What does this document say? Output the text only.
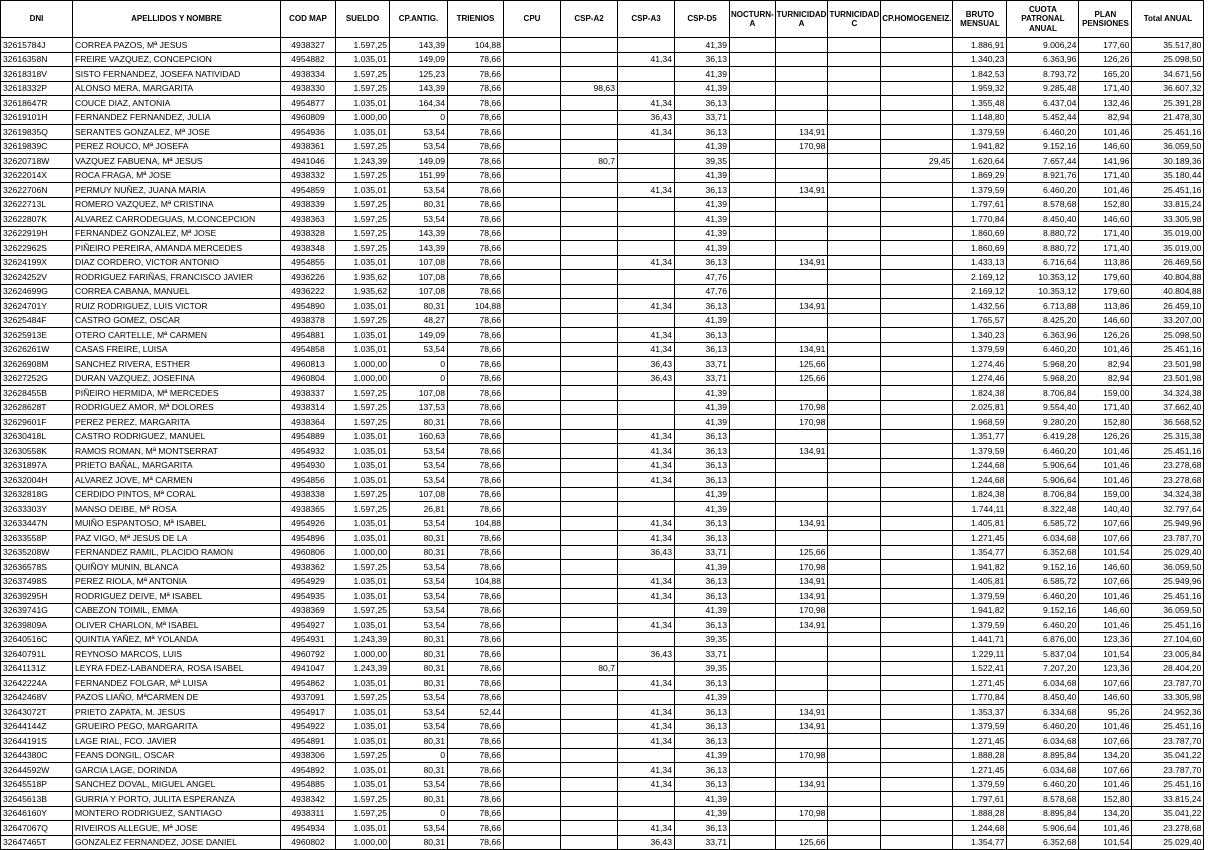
DNI	APELLIDOS Y NOMBRE	COD MAP	SUELDO	CP.ANTIG.	TRIENIOS	CPU	CSP-A2	CSP-A3	CSP-D5	NOCTURN-A	TURNICIDAD A	TURNICIDAD C	CP.HOMOGENEIZ.	BRUTO MENSUAL	CUOTA PATRONAL ANUAL	PLAN PENSIONES	Total ANUAL
32615784J	CORREA PAZOS, Mª JESUS	4938327	1.597,25	143,39	104,88				41,39					1.886,91	9.006,24	177,60	35.517,80
32616358N	FREIRE VAZQUEZ, CONCEPCION	4954882	1.035,01	149,09	78,66			41,34	36,13					1.340,23	6.363,96	126,26	25.098,50
32618318V	SISTO FERNANDEZ, JOSEFA NATIVIDAD	4938334	1.597,25	125,23	78,66				41,39					1.842,53	8.793,72	165,20	34.671,56
32618332P	ALONSO MERA, MARGARITA	4938330	1.597,25	143,39	78,66		98,63		41,39					1.959,32	9.285,48	171,40	36.607,32
32618647R	COUCE DIAZ, ANTONIA	4954877	1.035,01	164,34	78,66			41,34	36,13					1.355,48	6.437,04	132,46	25.391,28
32619101H	FERNANDEZ FERNANDEZ, JULIA	4960809	1.000,00	0	78,66			36,43	33,71					1.148,80	5.452,44	82,94	21.478,30
32619835Q	SERANTES GONZALEZ, Mª JOSE	4954936	1.035,01	53,54	78,66			41,34	36,13		134,91			1.379,59	6.460,20	101,46	25.451,16
32619839C	PEREZ ROUCO, Mª JOSEFA	4938361	1.597,25	53,54	78,66				41,39		170,98			1.941,82	9.152,16	146,60	36.059,50
32620718W	VAZQUEZ FABUENA, Mª JESUS	4941046	1.243,39	149,09	78,66		80,7		39,35				29,45	1.620,64	7.657,44	141,96	30.189,36
32622014X	ROCA FRAGA, Mª JOSE	4938332	1.597,25	151,99	78,66				41,39					1.869,29	8.921,76	171,40	35.180,44
32622706N	PERMUY NUÑEZ, JUANA MARIA	4954859	1.035,01	53,54	78,66			41,34	36,13		134,91			1.379,59	6.460,20	101,46	25.451,16
32622713L	ROMERO VAZQUEZ, Mª CRISTINA	4938339	1.597,25	80,31	78,66				41,39					1.797,61	8.578,68	152,80	33.815,24
32622807K	ALVAREZ CARRODEGUAS, M.CONCEPCION	4938363	1.597,25	53,54	78,66				41,39					1.770,84	8.450,40	146,60	33.305,98
32622919H	FERNANDEZ GONZALEZ, Mª JOSE	4938328	1.597,25	143,39	78,66				41,39					1.860,69	8.880,72	171,40	35.019,00
32622962S	PIÑEIRO PEREIRA, AMANDA MERCEDES	4938348	1.597,25	143,39	78,66				41,39					1.860,69	8.880,72	171,40	35.019,00
32624199X	DIAZ CORDERO, VICTOR ANTONIO	4954855	1.035,01	107,08	78,66			41,34	36,13		134,91			1.433,13	6.716,64	113,86	26.469,56
32624252V	RODRIGUEZ FARIÑAS, FRANCISCO JAVIER	4936226	1.935,62	107,08	78,66				47,76					2.169,12	10.353,12	179,60	40.804,88
32624699G	CORREA CABANA, MANUEL	4936222	1.935,62	107,08	78,66				47,76					2.169,12	10.353,12	179,60	40.804,88
32624701Y	RUIZ RODRIGUEZ, LUIS VICTOR	4954890	1.035,01	80,31	104,88			41,34	36,13		134,91			1.432,56	6.713,88	113,86	26.459,10
32625484F	CASTRO GOMEZ, OSCAR	4938378	1.597,25	48,27	78,66				41,39					1.765,57	8.425,20	146,60	33.207,00
32625913E	OTERO CARTELLE, Mª CARMEN	4954881	1.035,01	149,09	78,66			41,34	36,13					1.340,23	6.363,96	126,26	25.098,50
32626261W	CASAS FREIRE, LUISA	4954858	1.035,01	53,54	78,66			41,34	36,13		134,91			1.379,59	6.460,20	101,46	25.451,16
32626908M	SANCHEZ RIVERA, ESTHER	4960813	1.000,00	0	78,66			36,43	33,71		125,66			1.274,46	5.968,20	82,94	23.501,98
32627252G	DURAN VAZQUEZ, JOSEFINA	4960804	1.000,00	0	78,66			36,43	33,71		125,66			1.274,46	5.968,20	82,94	23.501,98
32628455B	PIÑEIRO HERMIDA, Mª MERCEDES	4938337	1.597,25	107,08	78,66				41,39					1.824,38	8.706,84	159,00	34.324,38
32628628T	RODRIGUEZ AMOR, Mª DOLORES	4938314	1.597,25	137,53	78,66				41,39		170,98			2.025,81	9.554,40	171,40	37.662,40
32629601F	PEREZ PEREZ, MARGARITA	4938364	1.597,25	80,31	78,66				41,39		170,98			1.968,59	9.280,20	152,80	36.568,52
32630418L	CASTRO RODRIGUEZ, MANUEL	4954889	1.035,01	160,63	78,66			41,34	36,13					1.351,77	6.419,28	126,26	25.315,38
32630558K	RAMOS ROMAN, Mª MONTSERRAT	4954932	1.035,01	53,54	78,66			41,34	36,13		134,91			1.379,59	6.460,20	101,46	25.451,16
32631897A	PRIETO BAÑAL, MARGARITA	4954930	1.035,01	53,54	78,66			41,34	36,13					1.244,68	5.906,64	101,46	23.278,68
32632004H	ALVAREZ JOVE, Mª CARMEN	4954856	1.035,01	53,54	78,66			41,34	36,13					1.244,68	5.906,64	101,46	23.278,68
32632818G	CERDIDO PINTOS, Mª CORAL	4938338	1.597,25	107,08	78,66				41,39					1.824,38	8.706,84	159,00	34.324,38
32633303Y	MANSO DEIBE, Mª ROSA	4938365	1.597,25	26,81	78,66				41,39					1.744,11	8.322,48	140,40	32.797,64
32633447N	MUIÑO ESPANTOSO, Mª ISABEL	4954926	1.035,01	53,54	104,88			41,34	36,13		134,91			1.405,81	6.585,72	107,66	25.949,96
32633558P	PAZ VIGO, Mª JESUS DE LA	4954896	1.035,01	80,31	78,66			41,34	36,13					1.271,45	6.034,68	107,66	23.787,70
32635208W	FERNANDEZ RAMIL, PLACIDO RAMON	4960806	1.000,00	80,31	78,66			36,43	33,71		125,66			1.354,77	6.352,68	101,54	25.029,40
32636578S	QUIÑOY MUNIN, BLANCA	4938362	1.597,25	53,54	78,66				41,39		170,98			1.941,82	9.152,16	146,60	36.059,50
32637498S	PEREZ RIOLA, Mª ANTONIA	4954929	1.035,01	53,54	104,88			41,34	36,13		134,91			1.405,81	6.585,72	107,66	25.949,96
32639295H	RODRIGUEZ DEIVE, Mª ISABEL	4954935	1.035,01	53,54	78,66			41,34	36,13		134,91			1.379,59	6.460,20	101,46	25.451,16
32639741G	CABEZON TOIMIL, EMMA	4938369	1.597,25	53,54	78,66				41,39		170,98			1.941,82	9.152,16	146,60	36.059,50
32639809A	OLIVER CHARLON, Mª ISABEL	4954927	1.035,01	53,54	78,66			41,34	36,13		134,91			1.379,59	6.460,20	101,46	25.451,16
32640516C	QUINTIA YAÑEZ, Mª YOLANDA	4954931	1.243,39	80,31	78,66				39,35					1.441,71	6.876,00	123,36	27.104,60
32640791L	REYNOSO MARCOS, LUIS	4960792	1.000,00	80,31	78,66			36,43	33,71					1.229,11	5.837,04	101,54	23.005,84
32641131Z	LEYRA FDEZ-LABANDERA, ROSA ISABEL	4941047	1.243,39	80,31	78,66		80,7		39,35					1.522,41	7.207,20	123,36	28.404,20
32642224A	FERNANDEZ FOLGAR, Mª LUISA	4954862	1.035,01	80,31	78,66			41,34	36,13					1.271,45	6.034,68	107,66	23.787,70
32642468V	PAZOS LIAÑO, MªCARMEN DE	4937091	1.597,25	53,54	78,66				41,39					1.770,84	8.450,40	146,60	33.305,98
32643072T	PRIETO ZAPATA, M. JESUS	4954917	1.035,01	53,54	52,44			41,34	36,13		134,91			1.353,37	6.334,68	95,26	24.952,36
32644144Z	GRUEIRO PEGO, MARGARITA	4954922	1.035,01	53,54	78,66			41,34	36,13		134,91			1.379,59	6.460,20	101,46	25.451,16
32644191S	LAGE RIAL, FCO. JAVIER	4954891	1.035,01	80,31	78,66			41,34	36,13					1.271,45	6.034,68	107,66	23.787,70
32644380C	FEANS DONGIL, OSCAR	4938306	1.597,25	0	78,66				41,39		170,98			1.888,28	8.895,84	134,20	35.041,22
32644592W	GARCIA LAGE, DORINDA	4954892	1.035,01	80,31	78,66			41,34	36,13					1.271,45	6.034,68	107,66	23.787,70
32645518P	SANCHEZ DOVAL, MIGUEL ANGEL	4954885	1.035,01	53,54	78,66			41,34	36,13		134,91			1.379,59	6.460,20	101,46	25.451,16
32645613B	GURRIA Y PORTO, JULITA ESPERANZA	4938342	1.597,25	80,31	78,66				41,39					1.797,61	8.578,68	152,80	33.815,24
32646160Y	MONTERO RODRIGUEZ, SANTIAGO	4938311	1.597,25	0	78,66				41,39		170,98			1.888,28	8.895,84	134,20	35.041,22
32647067Q	RIVEIROS ALLEGUE, Mª JOSE	4954934	1.035,01	53,54	78,66			41,34	36,13					1.244,68	5.906,64	101,46	23.278,68
32647465T	GONZALEZ FERNANDEZ, JOSE DANIEL	4960802	1.000,00	80,31	78,66			36,43	33,71		125,66			1.354,77	6.352,68	101,54	25.029,40
